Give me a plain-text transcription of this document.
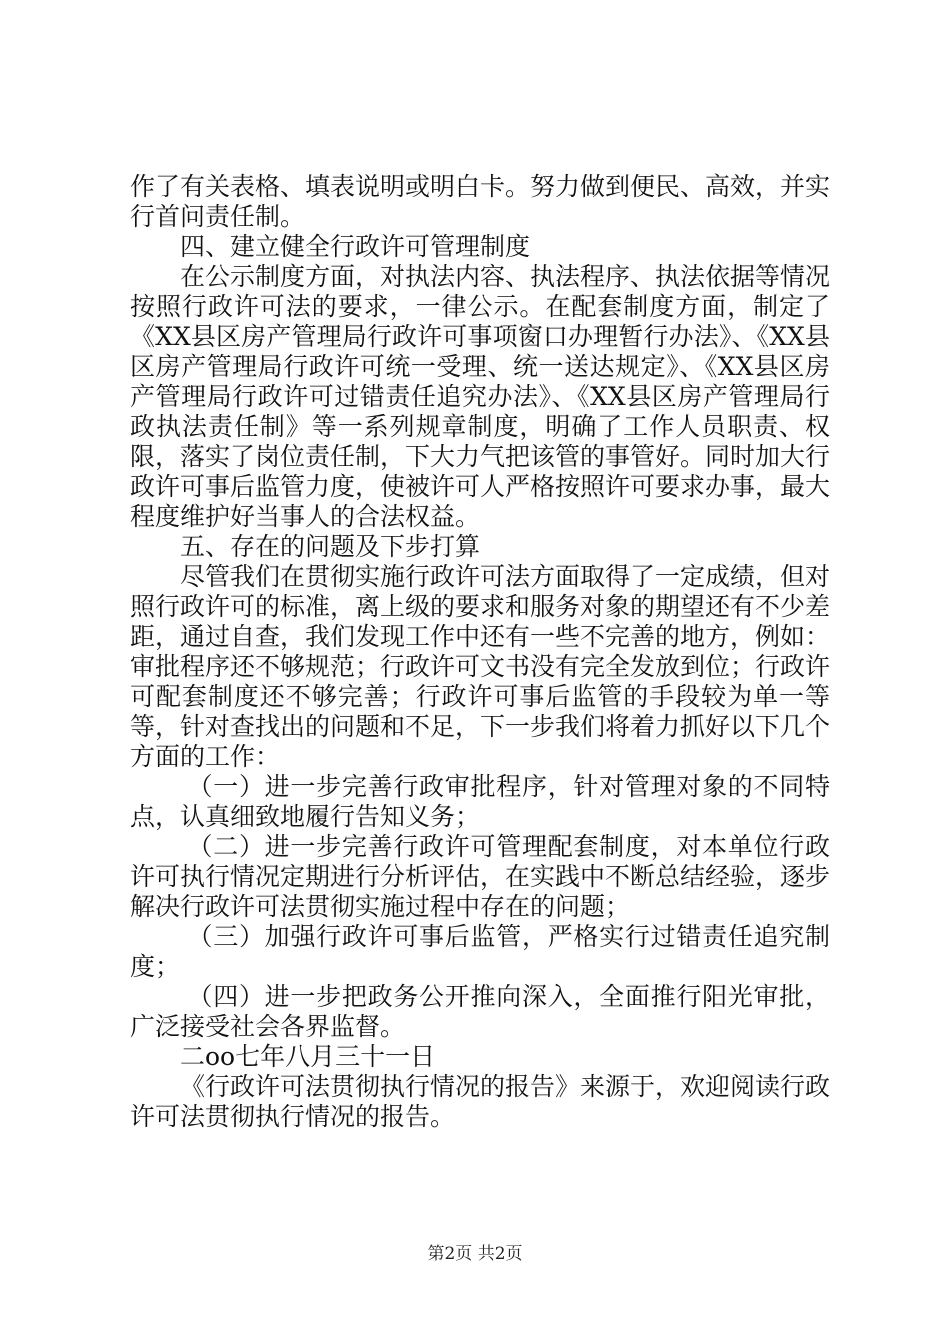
作了有关表格、填表说明或明白卡。努力做到便民、高效，并实行首问责任制。

四、建立健全行政许可管理制度

在公示制度方面，对执法内容、执法程序、执法依据等情况按照行政许可法的要求，一律公示。在配套制度方面，制定了《XX县区房产管理局行政许可事项窗口办理暂行办法》、《XX县区房产管理局行政许可统一受理、统一送达规定》、《XX县区房产管理局行政许可过错责任追究办法》、《XX县区房产管理局行政执法责任制》等一系列规章制度，明确了工作人员职责、权限，落实了岗位责任制，下大力气把该管的事管好。同时加大行政许可事后监管力度，使被许可人严格按照许可要求办事，最大程度维护好当事人的合法权益。

五、存在的问题及下步打算

尽管我们在贯彻实施行政许可法方面取得了一定成绩，但对照行政许可的标准，离上级的要求和服务对象的期望还有不少差距，通过自查，我们发现工作中还有一些不完善的地方，例如：审批程序还不够规范；行政许可文书没有完全发放到位；行政许可配套制度还不够完善；行政许可事后监管的手段较为单一等等，针对查找出的问题和不足，下一步我们将着力抓好以下几个方面的工作：

（一）进一步完善行政审批程序，针对管理对象的不同特点，认真细致地履行告知义务；

（二）进一步完善行政许可管理配套制度，对本单位行政许可执行情况定期进行分析评估，在实践中不断总结经验，逐步解决行政许可法贯彻实施过程中存在的问题；

（三）加强行政许可事后监管，严格实行过错责任追究制度；

（四）进一步把政务公开推向深入，全面推行阳光审批，广泛接受社会各界监督。

二oo七年八月三十一日

《行政许可法贯彻执行情况的报告》来源于，欢迎阅读行政许可法贯彻执行情况的报告。

第2页 共2页
